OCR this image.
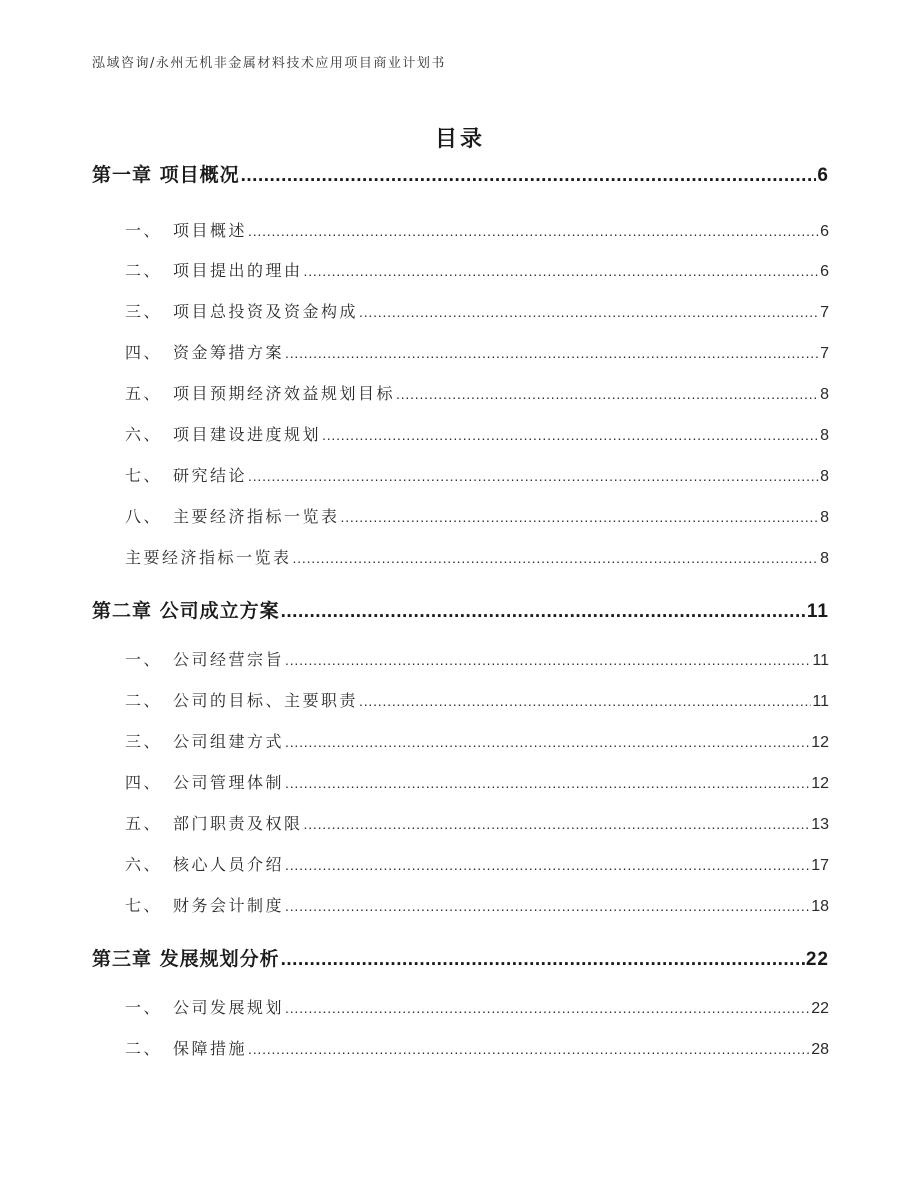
泓域咨询/永州无机非金属材料技术应用项目商业计划书
目录
第一章 项目概况 .....	6
一、 项目概述 .....	6
二、 项目提出的理由 .....	6
三、 项目总投资及资金构成 .....	7
四、 资金筹措方案 .....	7
五、 项目预期经济效益规划目标 .....	8
六、 项目建设进度规划 .....	8
七、 研究结论 .....	8
八、 主要经济指标一览表 .....	8
主要经济指标一览表 .....	8
第二章 公司成立方案 .....	11
一、 公司经营宗旨 .....	11
二、 公司的目标、主要职责 .....	11
三、 公司组建方式 .....	12
四、 公司管理体制 .....	12
五、 部门职责及权限 .....	13
六、 核心人员介绍 .....	17
七、 财务会计制度 .....	18
第三章 发展规划分析 .....	22
一、 公司发展规划 .....	22
二、 保障措施 .....	28
